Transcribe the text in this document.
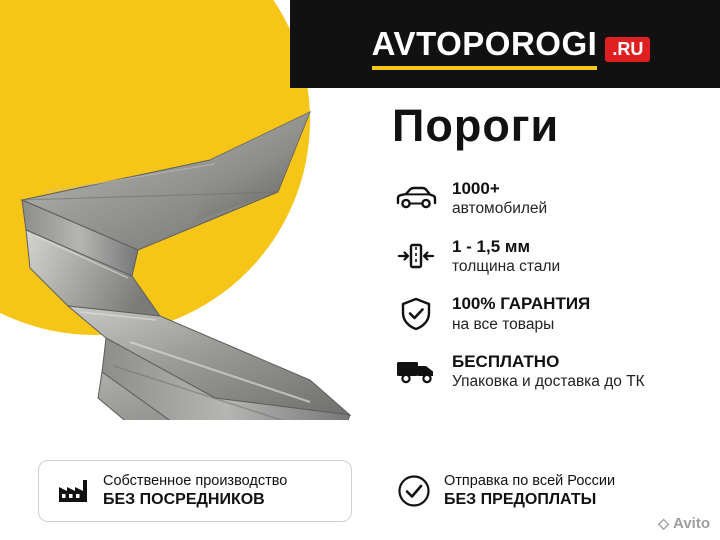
AVTOPOROGI .RU
Пороги
1000+
автомобилей
1 - 1,5 мм
толщина стали
100% ГАРАНТИЯ
на все товары
БЕСПЛАТНО
Упаковка и доставка до ТК
Собственное производство
БЕЗ ПОСРЕДНИКОВ
Отправка по всей России
БЕЗ ПРЕДОПЛАТЫ
◇ Avito
